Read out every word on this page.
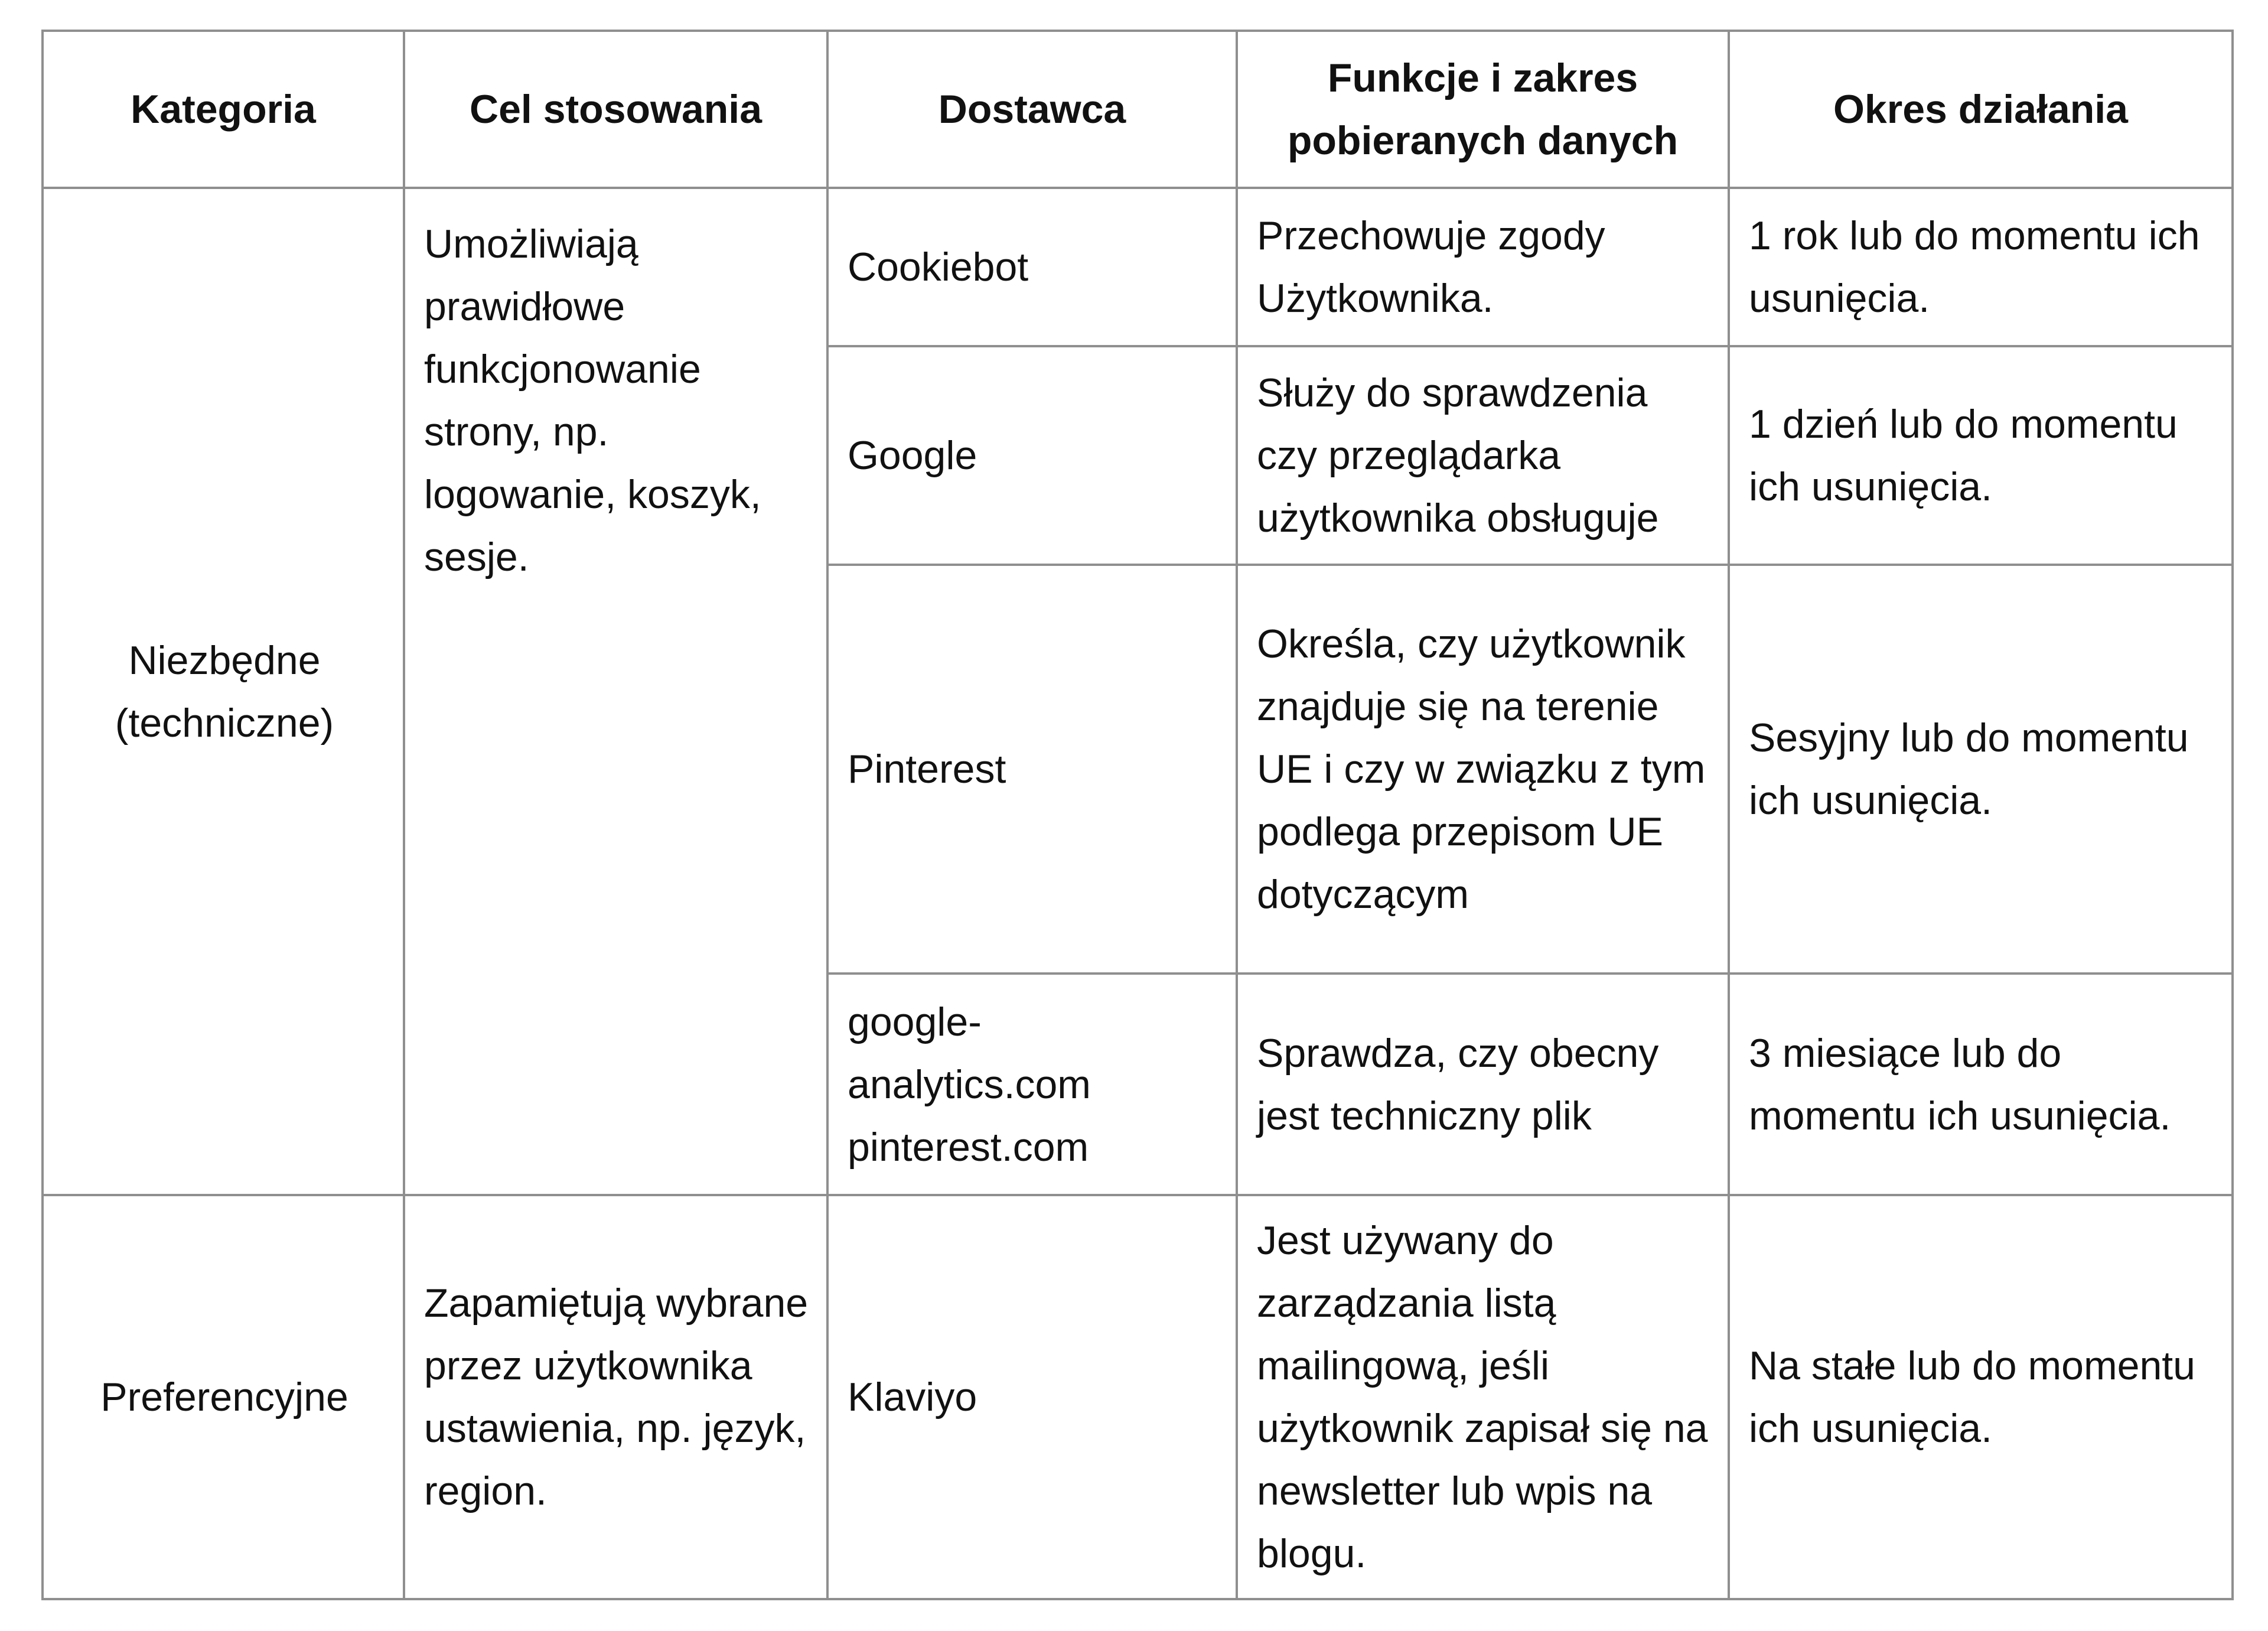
Kategoria	Cel stosowania	Dostawca	Funkcje i zakres pobieranych danych	Okres działania
Niezbędne (techniczne)	Umożliwiają prawidłowe funkcjonowanie strony, np. logowanie, koszyk, sesje.	Cookiebot	Przechowuje zgody Użytkownika.	1 rok lub do momentu ich usunięcia.
		Google	Służy do sprawdzenia czy przeglądarka użytkownika obsługuje	1 dzień lub do momentu ich usunięcia.
		Pinterest	Określa, czy użytkownik znajduje się na terenie UE i czy w związku z tym podlega przepisom UE dotyczącym	Sesyjny lub do momentu ich usunięcia.
		google-analytics.com pinterest.com	Sprawdza, czy obecny jest techniczny plik	3 miesiące lub do momentu ich usunięcia.
Preferencyjne	Zapamiętują wybrane przez użytkownika ustawienia, np. język, region.	Klaviyo	Jest używany do zarządzania listą mailingową, jeśli użytkownik zapisał się na newsletter lub wpis na blogu.	Na stałe lub do momentu ich usunięcia.
